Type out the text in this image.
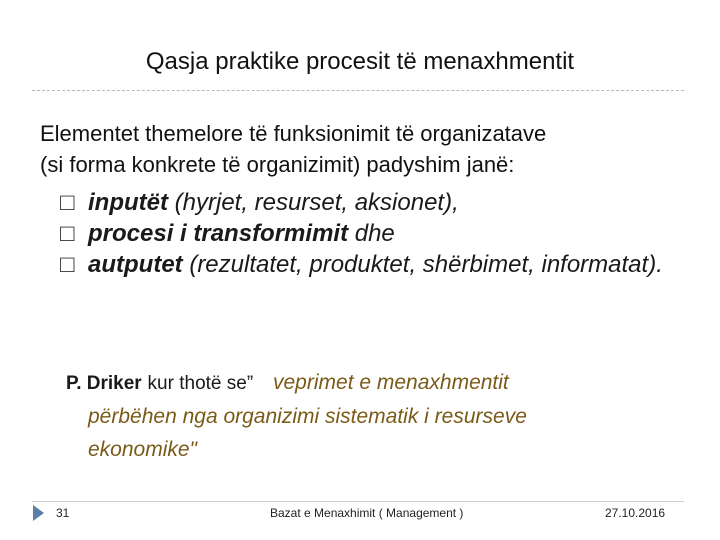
Qasja praktike procesit të menaxhmentit
Elementet themelore të funksionimit të organizatave
(si forma konkrete të organizimit) padyshim janë:
□ inputët (hyrjet, resurset, aksionet),
□ procesi i transformimit dhe
□ autputet (rezultatet, produktet, shërbimet, informatat).
P. Driker kur thotë se” veprimet e menaxhmentit
përbëhen nga organizimi sistematik i resurseve
ekonomike"
31	Bazat e Menaxhimit ( Management )	27.10.2016
